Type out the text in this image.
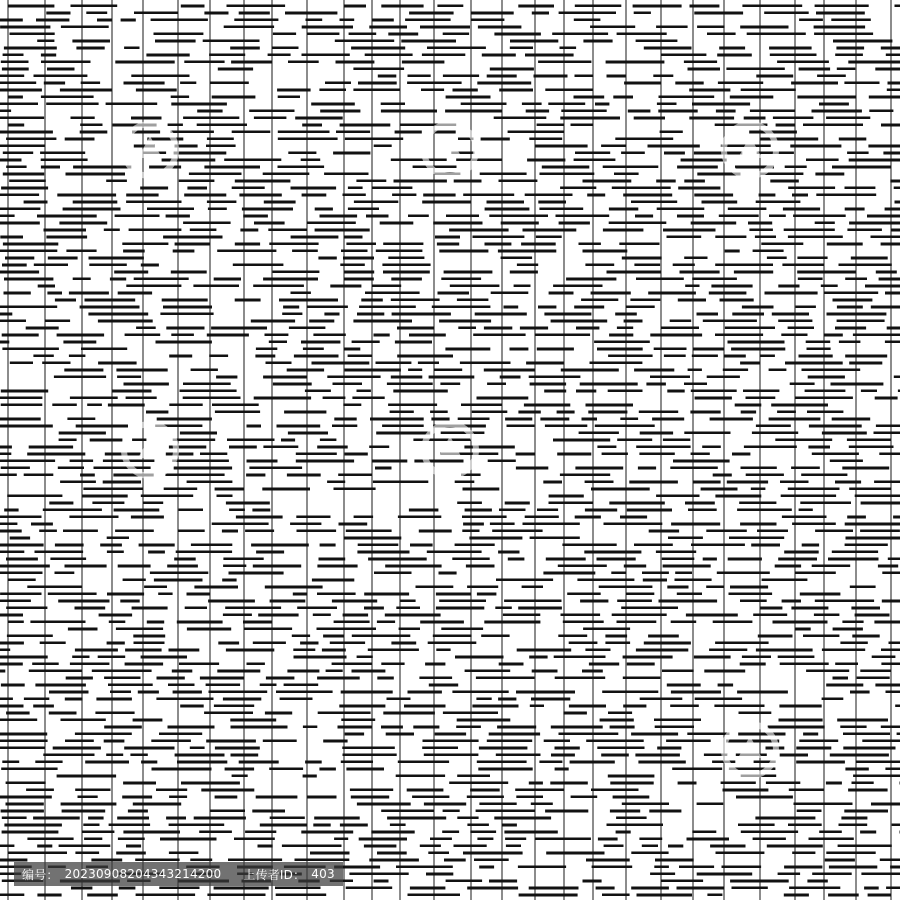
编号： 20230908204343214200 上传者ID： 403
